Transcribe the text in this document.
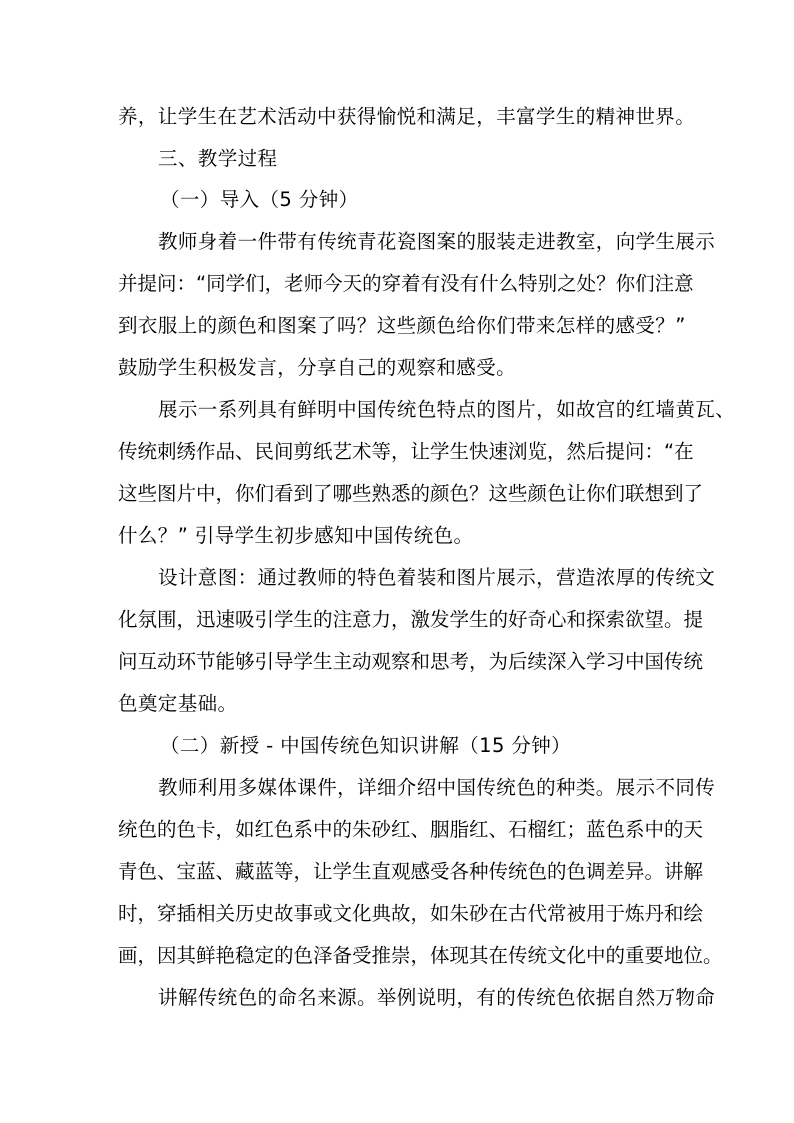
养，让学生在艺术活动中获得愉悦和满足，丰富学生的精神世界。
三、教学过程
（一）导入（5 分钟）
教师身着一件带有传统青花瓷图案的服装走进教室，向学生展示
并提问：“同学们，老师今天的穿着有没有什么特别之处？你们注意
到衣服上的颜色和图案了吗？这些颜色给你们带来怎样的感受？”
鼓励学生积极发言，分享自己的观察和感受。
展示一系列具有鲜明中国传统色特点的图片，如故宫的红墙黄瓦、
传统刺绣作品、民间剪纸艺术等，让学生快速浏览，然后提问：“在
这些图片中，你们看到了哪些熟悉的颜色？这些颜色让你们联想到了
什么？” 引导学生初步感知中国传统色。
设计意图：通过教师的特色着装和图片展示，营造浓厚的传统文
化氛围，迅速吸引学生的注意力，激发学生的好奇心和探索欲望。提
问互动环节能够引导学生主动观察和思考，为后续深入学习中国传统
色奠定基础。
（二）新授 - 中国传统色知识讲解（15 分钟）
教师利用多媒体课件，详细介绍中国传统色的种类。展示不同传
统色的色卡，如红色系中的朱砂红、胭脂红、石榴红；蓝色系中的天
青色、宝蓝、藏蓝等，让学生直观感受各种传统色的色调差异。讲解
时，穿插相关历史故事或文化典故，如朱砂在古代常被用于炼丹和绘
画，因其鲜艳稳定的色泽备受推崇，体现其在传统文化中的重要地位。
讲解传统色的命名来源。举例说明，有的传统色依据自然万物命
